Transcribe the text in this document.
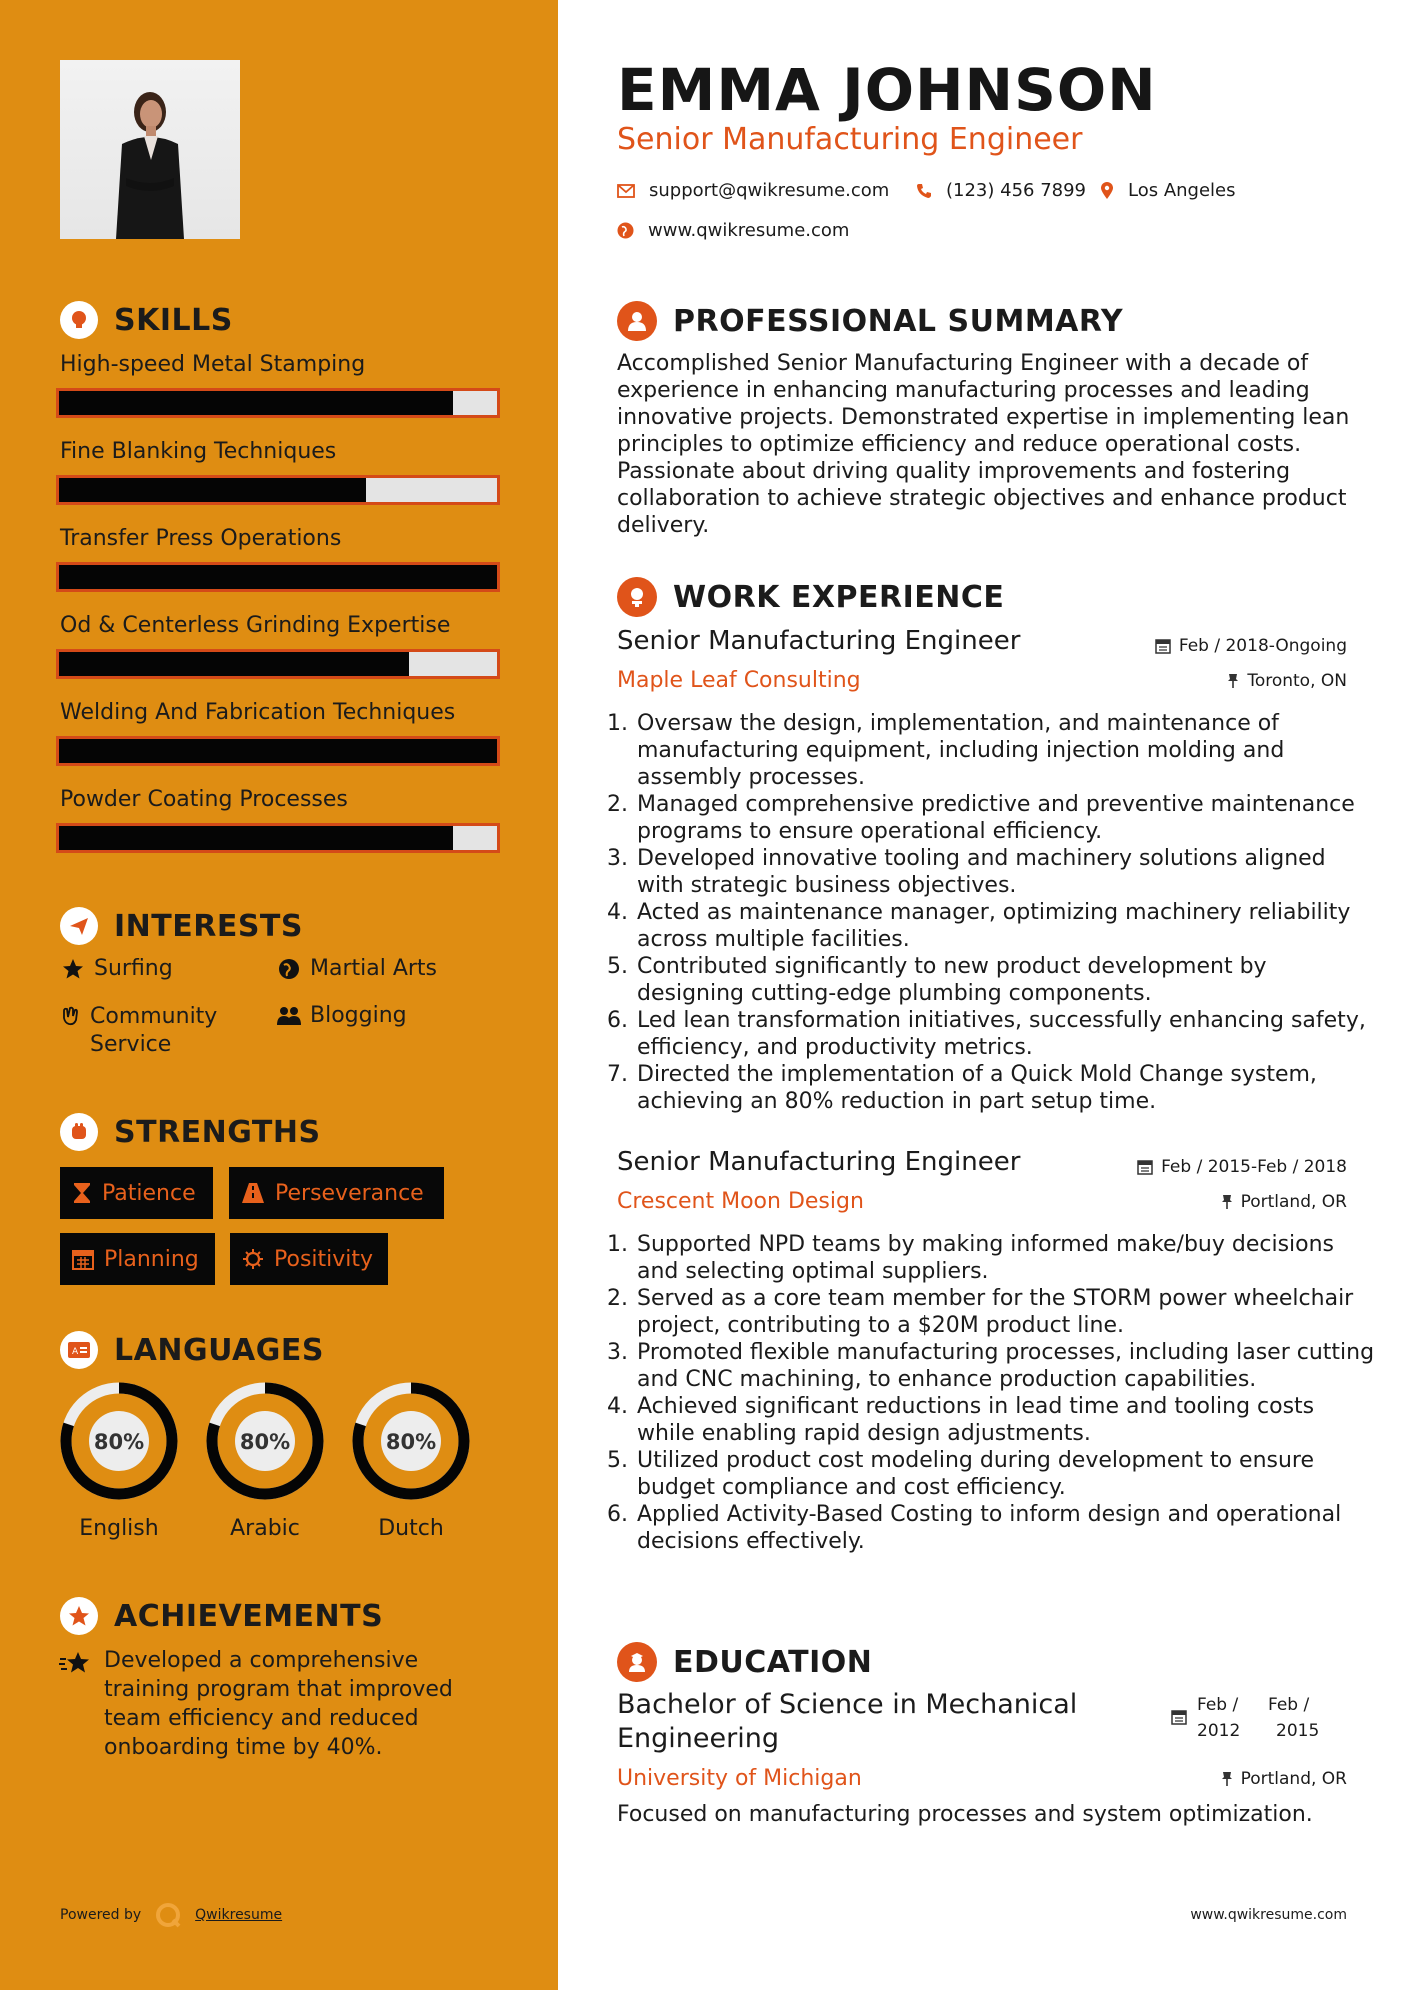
SKILLS
High-speed Metal Stamping
Fine Blanking Techniques
Transfer Press Operations
Od & Centerless Grinding Expertise
Welding And Fabrication Techniques
Powder Coating Processes
INTERESTS
Surfing	Martial Arts
Community Service
Blogging
STRENGTHS
Patience	Perseverance
Planning	Positivity
A LANGUAGES
80%
English
80%
Arabic
80%
Dutch
ACHIEVEMENTS
Developed a comprehensive training program that improved team efficiency and reduced onboarding time by 40%.
Powered by	Qwikresume
EMMA JOHNSON
Senior Manufacturing Engineer
support@qwikresume.com	(123) 456 7899 Los Angeles
www.qwikresume.com
PROFESSIONAL SUMMARY
Accomplished Senior Manufacturing Engineer with a decade of experience in enhancing manufacturing processes and leading innovative projects. Demonstrated expertise in implementing lean principles to optimize efficiency and reduce operational costs. Passionate about driving quality improvements and fostering collaboration to achieve strategic objectives and enhance product delivery.
WORK EXPERIENCE
Senior Manufacturing Engineer
Maple Leaf Consulting
Feb / 2018-Ongoing
Toronto, ON
1. Oversaw the design, implementation, and maintenance of manufacturing equipment, including injection molding and assembly processes.
2. Managed comprehensive predictive and preventive maintenance programs to ensure operational efficiency.
3. Developed innovative tooling and machinery solutions aligned with strategic business objectives.
4. Acted as maintenance manager, optimizing machinery reliability across multiple facilities.
5. Contributed significantly to new product development by designing cutting-edge plumbing components.
6. Led lean transformation initiatives, successfully enhancing safety, efficiency, and productivity metrics.
7. Directed the implementation of a Quick Mold Change system, achieving an 80% reduction in part setup time.
Senior Manufacturing Engineer
Crescent Moon Design
Feb / 2015-Feb / 2018
Portland, OR
1. Supported NPD teams by making informed make/buy decisions and selecting optimal suppliers.
2. Served as a core team member for the STORM power wheelchair project, contributing to a $20M product line.
3. Promoted flexible manufacturing processes, including laser cutting and CNC machining, to enhance production capabilities.
4. Achieved significant reductions in lead time and tooling costs while enabling rapid design adjustments.
5. Utilized product cost modeling during development to ensure budget compliance and cost efficiency.
6. Applied Activity-Based Costing to inform design and operational decisions effectively.
EDUCATION
Bachelor of Science in Mechanical Engineering
University of Michigan
Feb /
2012
Feb /
2015
Portland, OR
Focused on manufacturing processes and system optimization.
www.qwikresume.com
